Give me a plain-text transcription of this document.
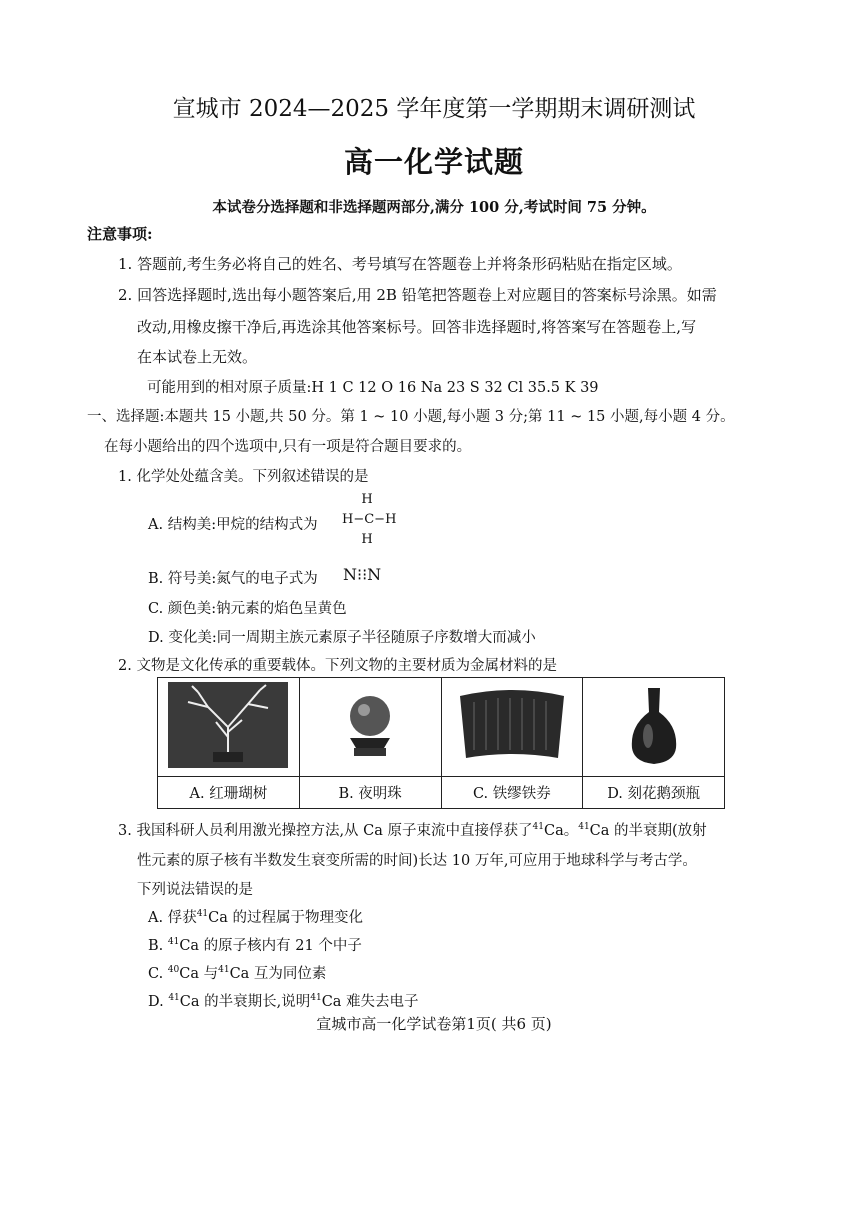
宣城市 2024—2025 学年度第一学期期末调研测试
高一化学试题
本试卷分选择题和非选择题两部分,满分 100 分,考试时间 75 分钟。
注意事项:
1. 答题前,考生务必将自己的姓名、考号填写在答题卷上并将条形码粘贴在指定区域。
2. 回答选择题时,选出每小题答案后,用 2B 铅笔把答题卷上对应题目的答案标号涂黑。如需
改动,用橡皮擦干净后,再选涂其他答案标号。回答非选择题时,将答案写在答题卷上,写
在本试卷上无效。
可能用到的相对原子质量:H 1 C 12 O 16 Na 23 S 32 Cl 35.5 K 39
一、选择题:本题共 15 小题,共 50 分。第 1 ~ 10 小题,每小题 3 分;第 11 ~ 15 小题,每小题 4 分。
在每小题给出的四个选项中,只有一项是符合题目要求的。
1. 化学处处蕴含美。下列叙述错误的是
A. 结构美:甲烷的结构式为
H
H−C−H
H
B. 符号美:氮气的电子式为 N⁝⁝N
C. 颜色美:钠元素的焰色呈黄色
D. 变化美:同一周期主族元素原子半径随原子序数增大而减小
2. 文物是文化传承的重要载体。下列文物的主要材质为金属材料的是

A. 红珊瑚树	B. 夜明珠	C. 铁缪铁券	D. 刻花鹅颈瓶
3. 我国科研人员利用激光操控方法,从 Ca 原子束流中直接俘获了$^{41}$Ca。$^{41}$Ca 的半衰期(放射
性元素的原子核有半数发生衰变所需的时间)长达 10 万年,可应用于地球科学与考古学。
下列说法错误的是
A. 俘获$^{41}$Ca 的过程属于物理变化
B. $^{41}$Ca 的原子核内有 21 个中子
C. $^{40}$Ca 与$^{41}$Ca 互为同位素
D. $^{41}$Ca 的半衰期长,说明$^{41}$Ca 难失去电子
宣城市高一化学试卷第1页( 共6 页)
